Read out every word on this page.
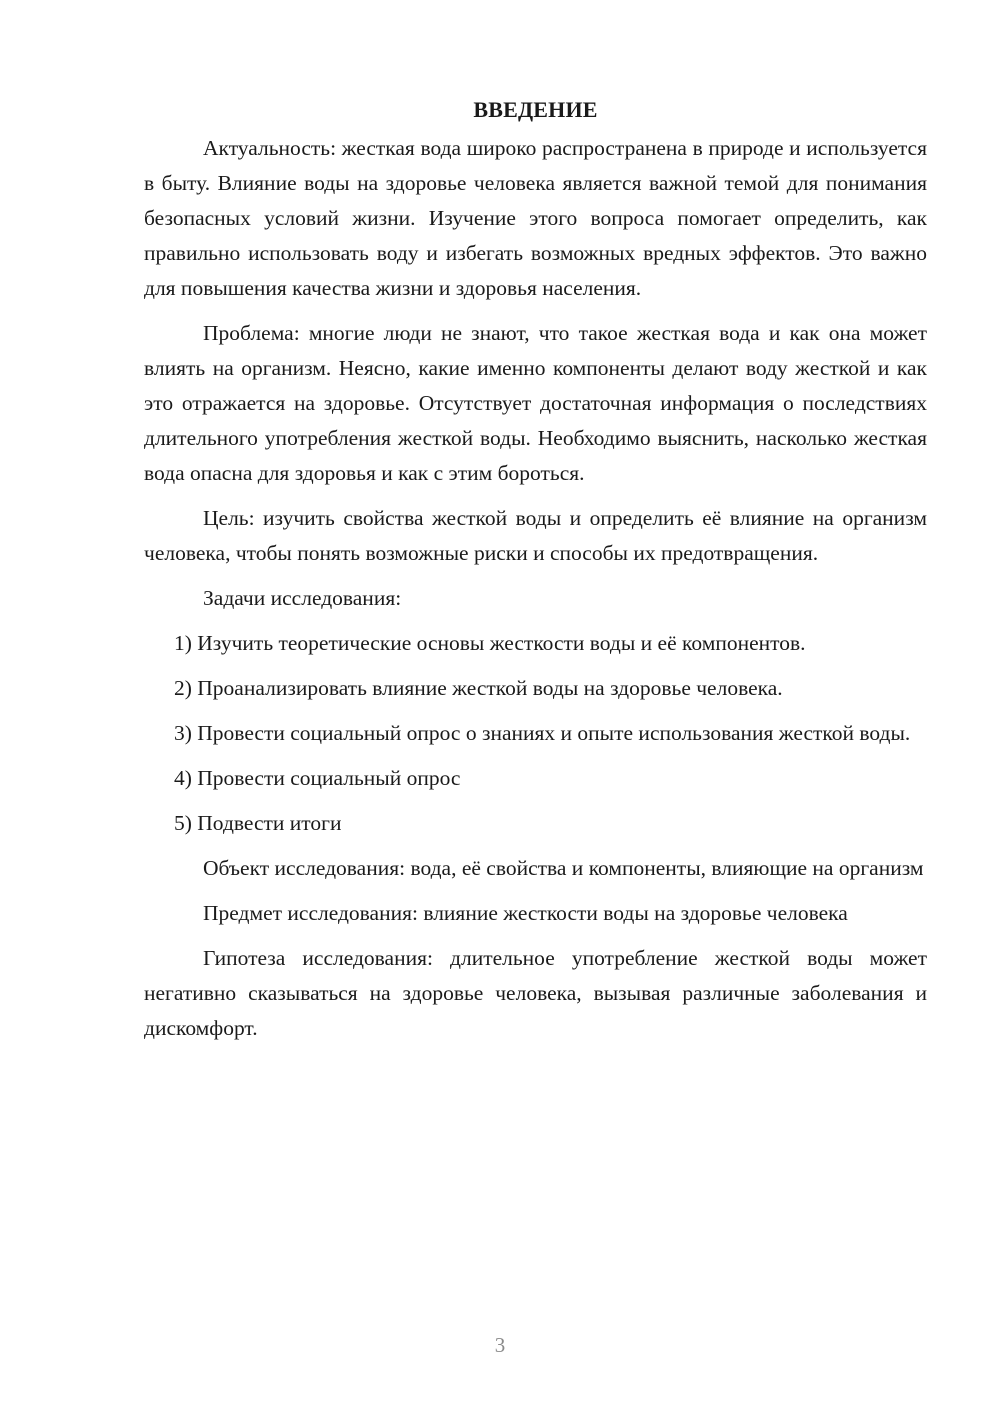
ВВЕДЕНИЕ

Актуальность: жесткая вода широко распространена в природе и используется в быту. Влияние воды на здоровье человека является важной темой для понимания безопасных условий жизни. Изучение этого вопроса помогает определить, как правильно использовать воду и избегать возможных вредных эффектов. Это важно для повышения качества жизни и здоровья населения.

Проблема: многие люди не знают, что такое жесткая вода и как она может влиять на организм. Неясно, какие именно компоненты делают воду жесткой и как это отражается на здоровье. Отсутствует достаточная информация о последствиях длительного употребления жесткой воды. Необходимо выяснить, насколько жесткая вода опасна для здоровья и как с этим бороться.

Цель: изучить свойства жесткой воды и определить её влияние на организм человека, чтобы понять возможные риски и способы их предотвращения.

Задачи исследования:

1) Изучить теоретические основы жесткости воды и её компонентов.

2) Проанализировать влияние жесткой воды на здоровье человека.

3) Провести социальный опрос о знаниях и опыте использования жесткой воды.

4) Провести социальный опрос

5) Подвести итоги

Объект исследования: вода, её свойства и компоненты, влияющие на организм

Предмет исследования: влияние жесткости воды на здоровье человека

Гипотеза исследования: длительное употребление жесткой воды может негативно сказываться на здоровье человека, вызывая различные заболевания и дискомфорт.

3
